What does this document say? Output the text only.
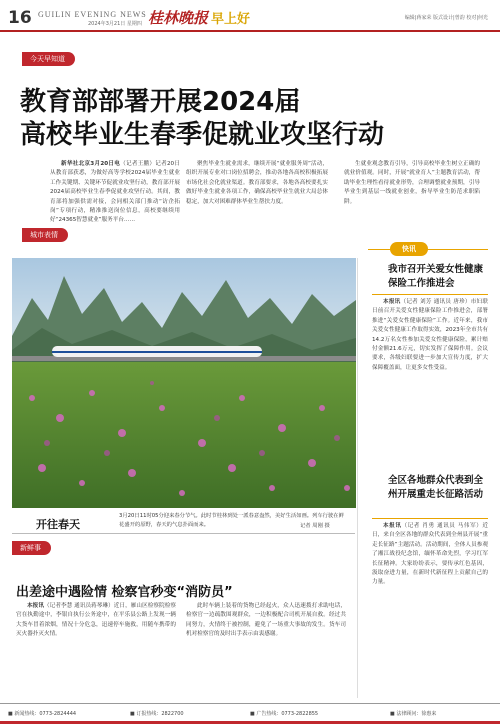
16 GUILIN EVENING NEWS
2024年3月21日 星期四 桂林晚报 早上好	编辑|蒋家荣 版式设计|曾韵 校对|何光
今天早知道
教育部部署开展2024届
高校毕业生春季促就业攻坚行动
新华社北京3月20日电（记者王鹏）记者20日从教育部获悉，为做好高等学校2024届毕业生就业工作关键期、关键环节促就业攻坚行动，教育部开展2024届高校毕业生春季促就业攻坚行动。其间，教育部将加强供需对接，会同相关部门推动“访企拓岗”专项行动，精准推送岗位信息，高校要继续用好“24365智慧就业”服务平台……
聚焦毕业生就业需求，继续开展“就业服务周”活动，组织开展专业对口岗位招聘会，推动各地各高校积极拓展市场化社会化就业渠道。教育部要求，各地各高校要扎实做好毕业生就业各项工作，确保高校毕业生就业大局总体稳定，加大对困难群体毕业生帮扶力度。
生就业观念教育引导，引导高校毕业生树立正确的就业价值观。同时，开展“就业育人”主题教育活动，帮助毕业生理性看待就业形势，合理调整就业预期，引导毕业生到基层一线就业创业，指导毕业生防范求职陷阱。
城市表情
开往春天
3月20日11时05分迎来春分节气。此时节桂林到处一派春意盎然，美好生活如画。列车行驶在鲜花盛开的原野，春天的气息扑面而来。	记者 周刚 摄
新鲜事
出差途中遇险情 检察官秒变“消防员”
本报讯（记者李慧 通讯员蒋琴琳）近日，雁山区检察院检察官在执勤途中，李银自执行公务途中，在平乐县公路上发现一辆大货车冒着浓烟，情况十分危急，迅速停车施救，用随车携带的灭火器扑灭火情。
此时车辆上装着的货物已经起火，众人迅速拨打求助电话，检察官一边疏散围观群众，一边积极配合司机开展自救。经过共同努力，火情终于被控制，避免了一场重大事故的发生。货车司机对检察官的及时出手表示由衷感谢。
快讯
我市召开关爱女性健康保险工作推进会
本报讯（记者 刘芳 通讯员 唐珍）市妇联日前召开关爱女性健康保险工作推进会，部署推进“关爱女性健康保险”工作。近年来，我市关爱女性健康工作取得实效，2023年全市共有14.2万名女性参加关爱女性健康保险，累计赔付金额21.6万元，切实发挥了保障作用。会议要求，各级妇联要进一步加大宣传力度，扩大保障覆盖面，让更多女性受益。
全区各地群众代表到全州开展重走长征路活动
本报讯（记者 肖勇 通讯员 马伟军）近日，来自全区各地的群众代表到全州县开展“重走长征路”主题活动。活动期间，全体人员参观了湘江战役纪念馆，缅怀革命先烈，学习红军长征精神。大家纷纷表示，要传承红色基因，汲取奋进力量，在新时代新征程上贡献自己的力量。
■ 新闻热线：0773-2824444	■ 订报热线：2822700	■ 广告热线：0773-2822855	■ 法律顾问：徐惠来
